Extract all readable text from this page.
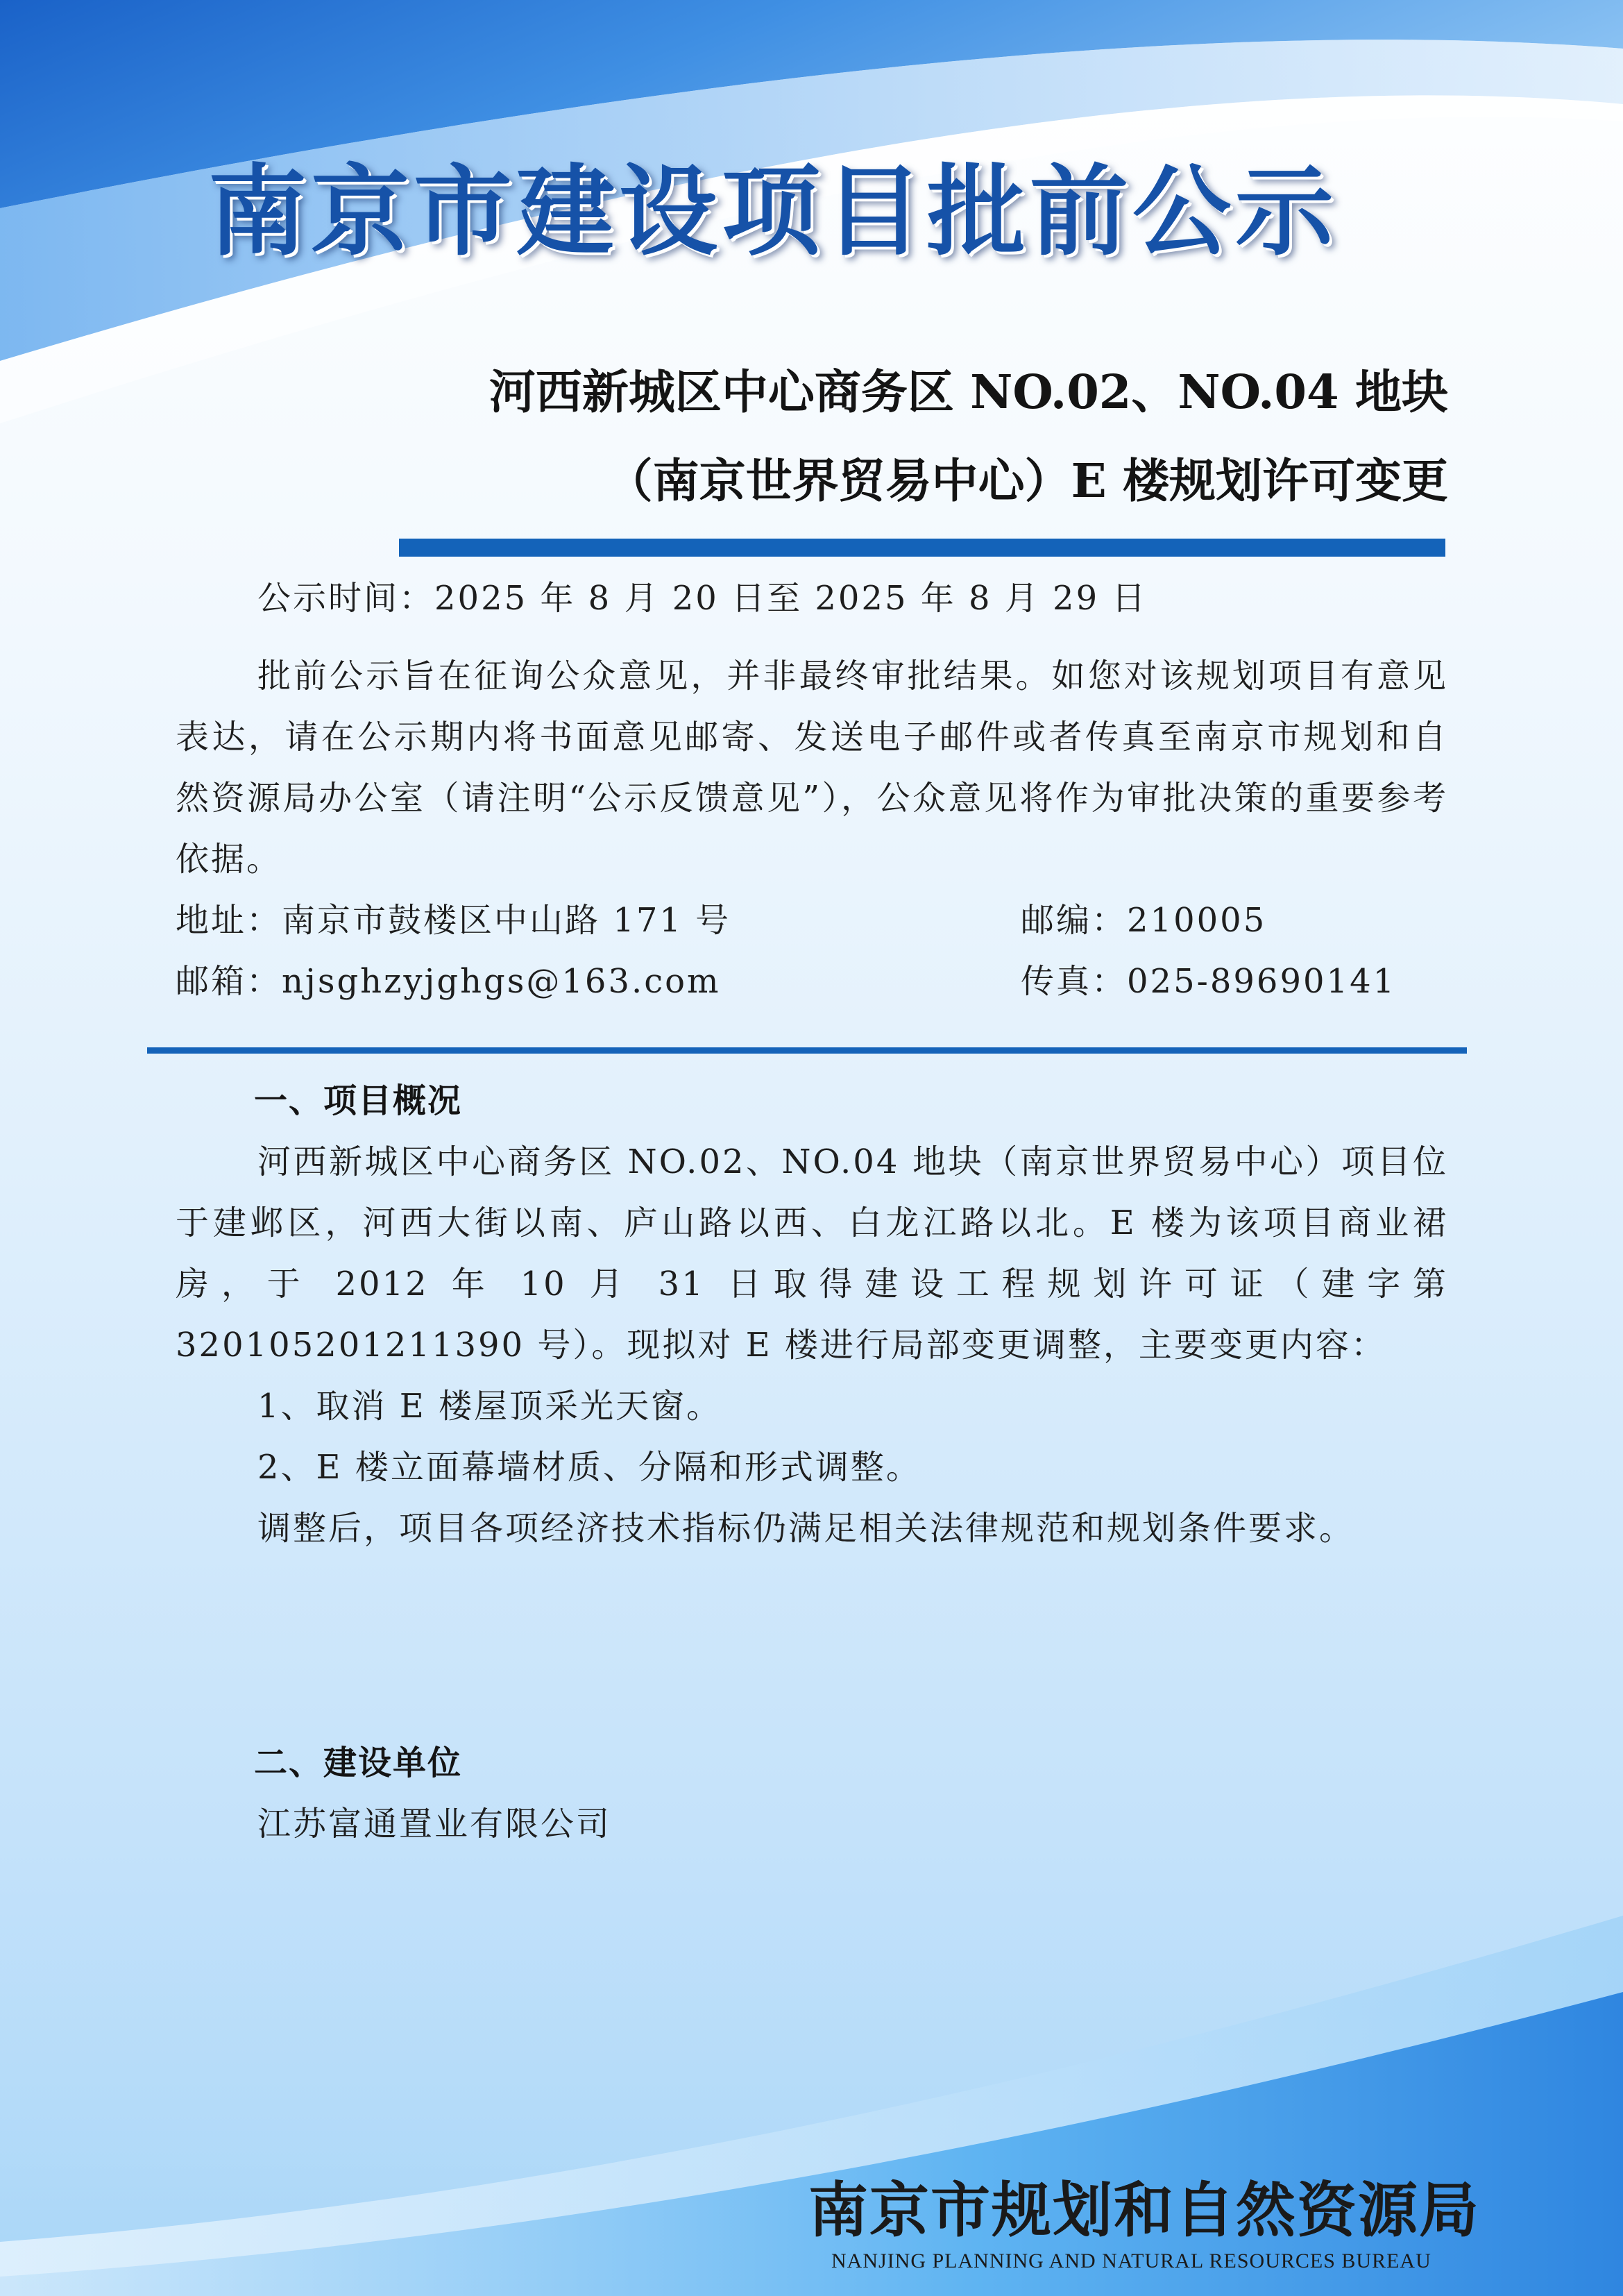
南京市建设项目批前公示
河西新城区中心商务区 NO.02、NO.04 地块
（南京世界贸易中心）E 楼规划许可变更
公示时间：2025 年 8 月 20 日至 2025 年 8 月 29 日

批前公示旨在征询公众意见，并非最终审批结果。如您对该规划项目有意见表达，请在公示期内将书面意见邮寄、发送电子邮件或者传真至南京市规划和自然资源局办公室（请注明“公示反馈意见”），公众意见将作为审批决策的重要参考依据。

地址：南京市鼓楼区中山路 171 号	邮编：210005
邮箱：njsghzyjghgs@163.com	传真：025-89690141
一、项目概况

河西新城区中心商务区 NO.02、NO.04 地块（南京世界贸易中心）项目位于建邺区，河西大街以南、庐山路以西、白龙江路以北。E 楼为该项目商业裙房，于 2012 年 10 月 31 日取得建设工程规划许可证（建字第 320105201211390 号）。现拟对 E 楼进行局部变更调整，主要变更内容：

1、取消 E 楼屋顶采光天窗。
2、E 楼立面幕墙材质、分隔和形式调整。

调整后，项目各项经济技术指标仍满足相关法律规范和规划条件要求。

二、建设单位
江苏富通置业有限公司
南京市规划和自然资源局
NANJING PLANNING AND NATURAL RESOURCES BUREAU
